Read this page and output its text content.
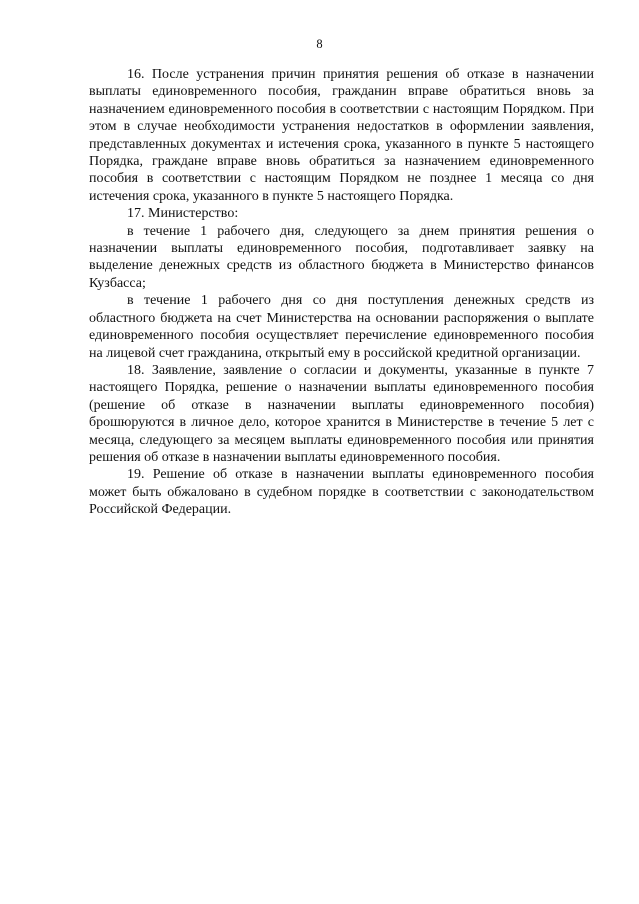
8

16. После устранения причин принятия решения об отказе в назначении выплаты единовременного пособия, гражданин вправе обратиться вновь за назначением единовременного пособия в соответствии с настоящим Порядком. При этом в случае необходимости устранения недостатков в оформлении заявления, представленных документах и истечения срока, указанного в пункте 5 настоящего Порядка, граждане вправе вновь обратиться за назначением единовременного пособия в соответствии с настоящим Порядком не позднее 1 месяца со дня истечения срока, указанного в пункте 5 настоящего Порядка.

17. Министерство:

в течение 1 рабочего дня, следующего за днем принятия решения о назначении выплаты единовременного пособия, подготавливает заявку на выделение денежных средств из областного бюджета в Министерство финансов Кузбасса;

в течение 1 рабочего дня со дня поступления денежных средств из областного бюджета на счет Министерства на основании распоряжения о выплате единовременного пособия осуществляет перечисление единовременного пособия на лицевой счет гражданина, открытый ему в российской кредитной организации.

18. Заявление, заявление о согласии и документы, указанные в пункте 7 настоящего Порядка, решение о назначении выплаты единовременного пособия (решение об отказе в назначении выплаты единовременного пособия) брошюруются в личное дело, которое хранится в Министерстве в течение 5 лет с месяца, следующего за месяцем выплаты единовременного пособия или принятия решения об отказе в назначении выплаты единовременного пособия.

19. Решение об отказе в назначении выплаты единовременного пособия может быть обжаловано в судебном порядке в соответствии с законодательством Российской Федерации.
